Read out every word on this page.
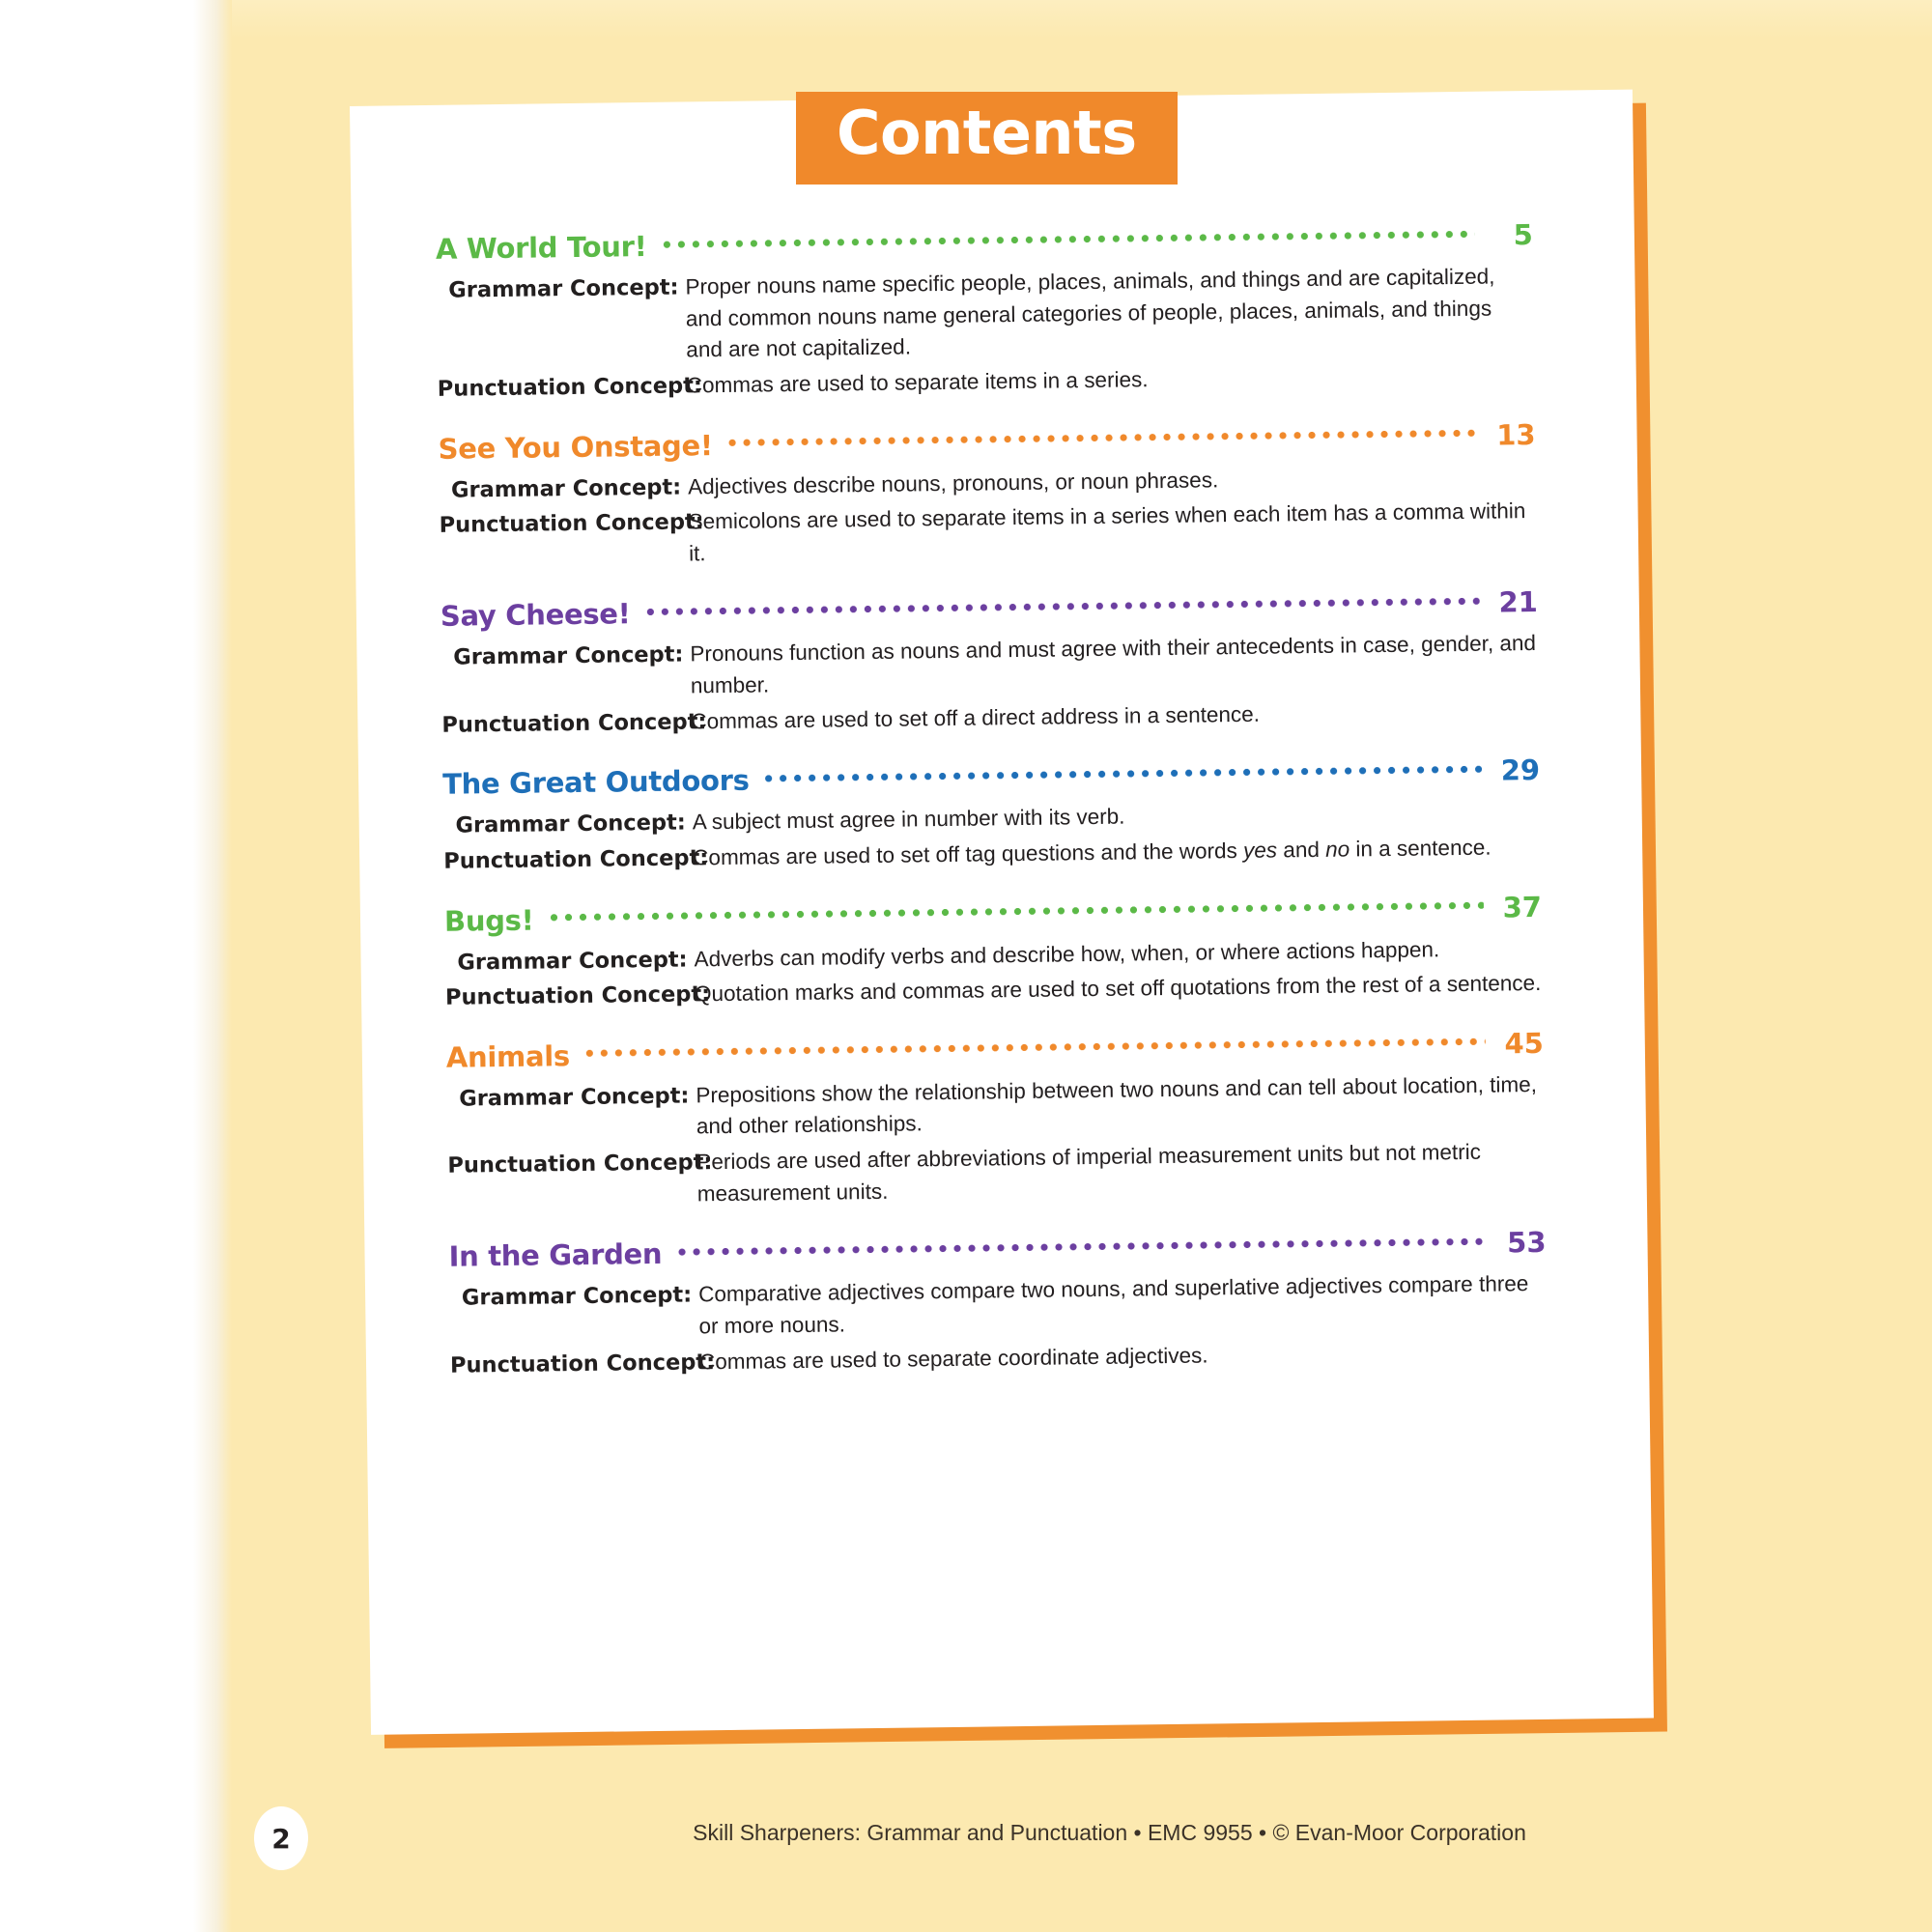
A World Tour!	5
Grammar Concept: Proper nouns name specific people, places, animals, and things and are capitalized, and common nouns name general categories of people, places, animals, and things and are not capitalized.
Punctuation Concept:
Commas are used to separate items in a series.
See You Onstage!	13
Grammar Concept: Adjectives describe nouns, pronouns, or noun phrases.
Punctuation Concept:
Semicolons are used to separate items in a series when each item has a comma within it.
Say Cheese!	21
Grammar Concept: Pronouns function as nouns and must agree with their antecedents in case, gender, and number.
Punctuation Concept:
Commas are used to set off a direct address in a sentence.
The Great Outdoors	29
Grammar Concept: A subject must agree in number with its verb.
Punctuation Concept:
Commas are used to set off tag questions and the words yes and no in a sentence.
Bugs!	37
Grammar Concept: Adverbs can modify verbs and describe how, when, or where actions happen.
Punctuation Concept:
Quotation marks and commas are used to set off quotations from the rest of a sentence.
Animals	45
Grammar Concept: Prepositions show the relationship between two nouns and can tell about location, time, and other relationships.
Punctuation Concept:
Periods are used after abbreviations of imperial measurement units but not metric measurement units.
In the Garden	53
Grammar Concept: Comparative adjectives compare two nouns, and superlative adjectives compare three or more nouns.
Punctuation Concept:
Commas are used to separate coordinate adjectives.
Contents
2	Skill Sharpeners: Grammar and Punctuation • EMC 9955 • © Evan-Moor Corporation
